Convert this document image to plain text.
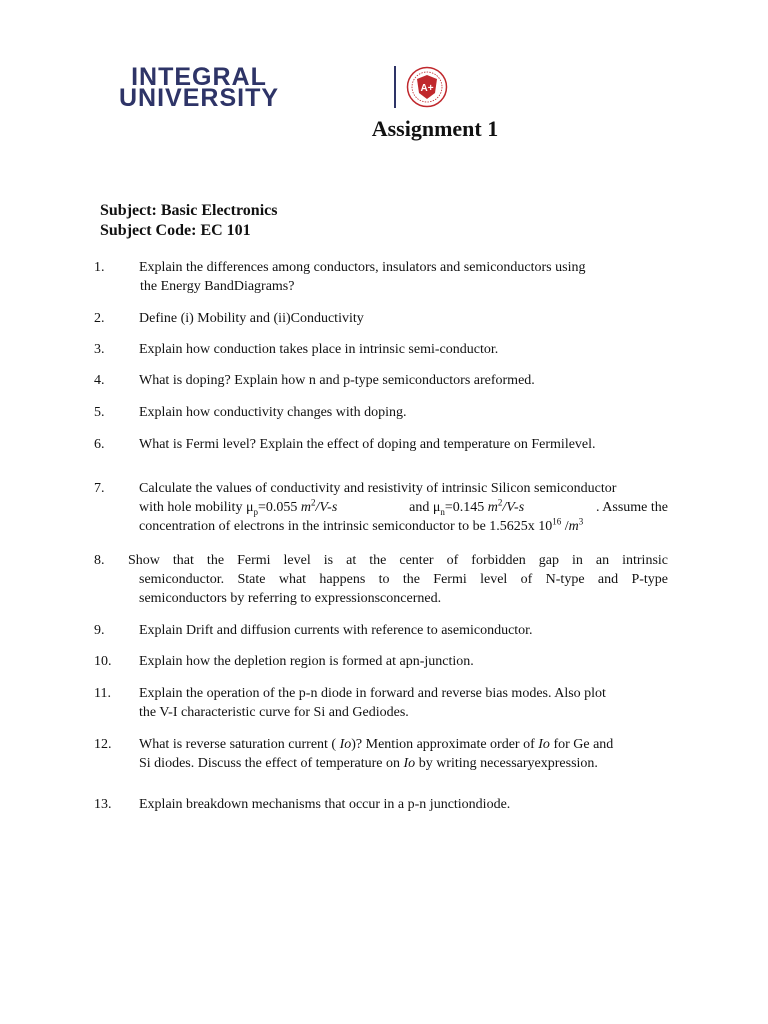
INTEGRAL
UNIVERSITY	A+
Assignment 1
Subject: Basic Electronics
Subject Code: EC 101
1. Explain the differences among conductors, insulators and semiconductors using
the Energy BandDiagrams?
2. Define (i) Mobility and (ii)Conductivity
3. Explain how conduction takes place in intrinsic semi-conductor.
4. What is doping? Explain how n and p-type semiconductors areformed.
5. Explain how conductivity changes with doping.
6. What is Fermi level? Explain the effect of doping and temperature on Fermilevel.
7. Calculate the values of conductivity and resistivity of intrinsic Silicon semiconductor
with hole mobility $\mu_p=0.055$ $m^2/V-s$	and $\mu_n=0.145$ $m^2/V-s$	. Assume the
concentration of electrons in the intrinsic semiconductor to be 1.5625x $10^{16}$ $/m^3$
8. Show that the Fermi level is at the center of forbidden gap in an intrinsic
semiconductor. State what happens to the Fermi level of N-type and P-type
semiconductors by referring to expressionsconcerned.
9. Explain Drift and diffusion currents with reference to asemiconductor.
10. Explain how the depletion region is formed at apn-junction.
11. Explain the operation of the p-n diode in forward and reverse bias modes. Also plot
the V-I characteristic curve for Si and Gediodes.
12. What is reverse saturation current ( Io)? Mention approximate order of Io for Ge and
Si diodes. Discuss the effect of temperature on Io by writing necessaryexpression.
13. Explain breakdown mechanisms that occur in a p-n junctiondiode.
